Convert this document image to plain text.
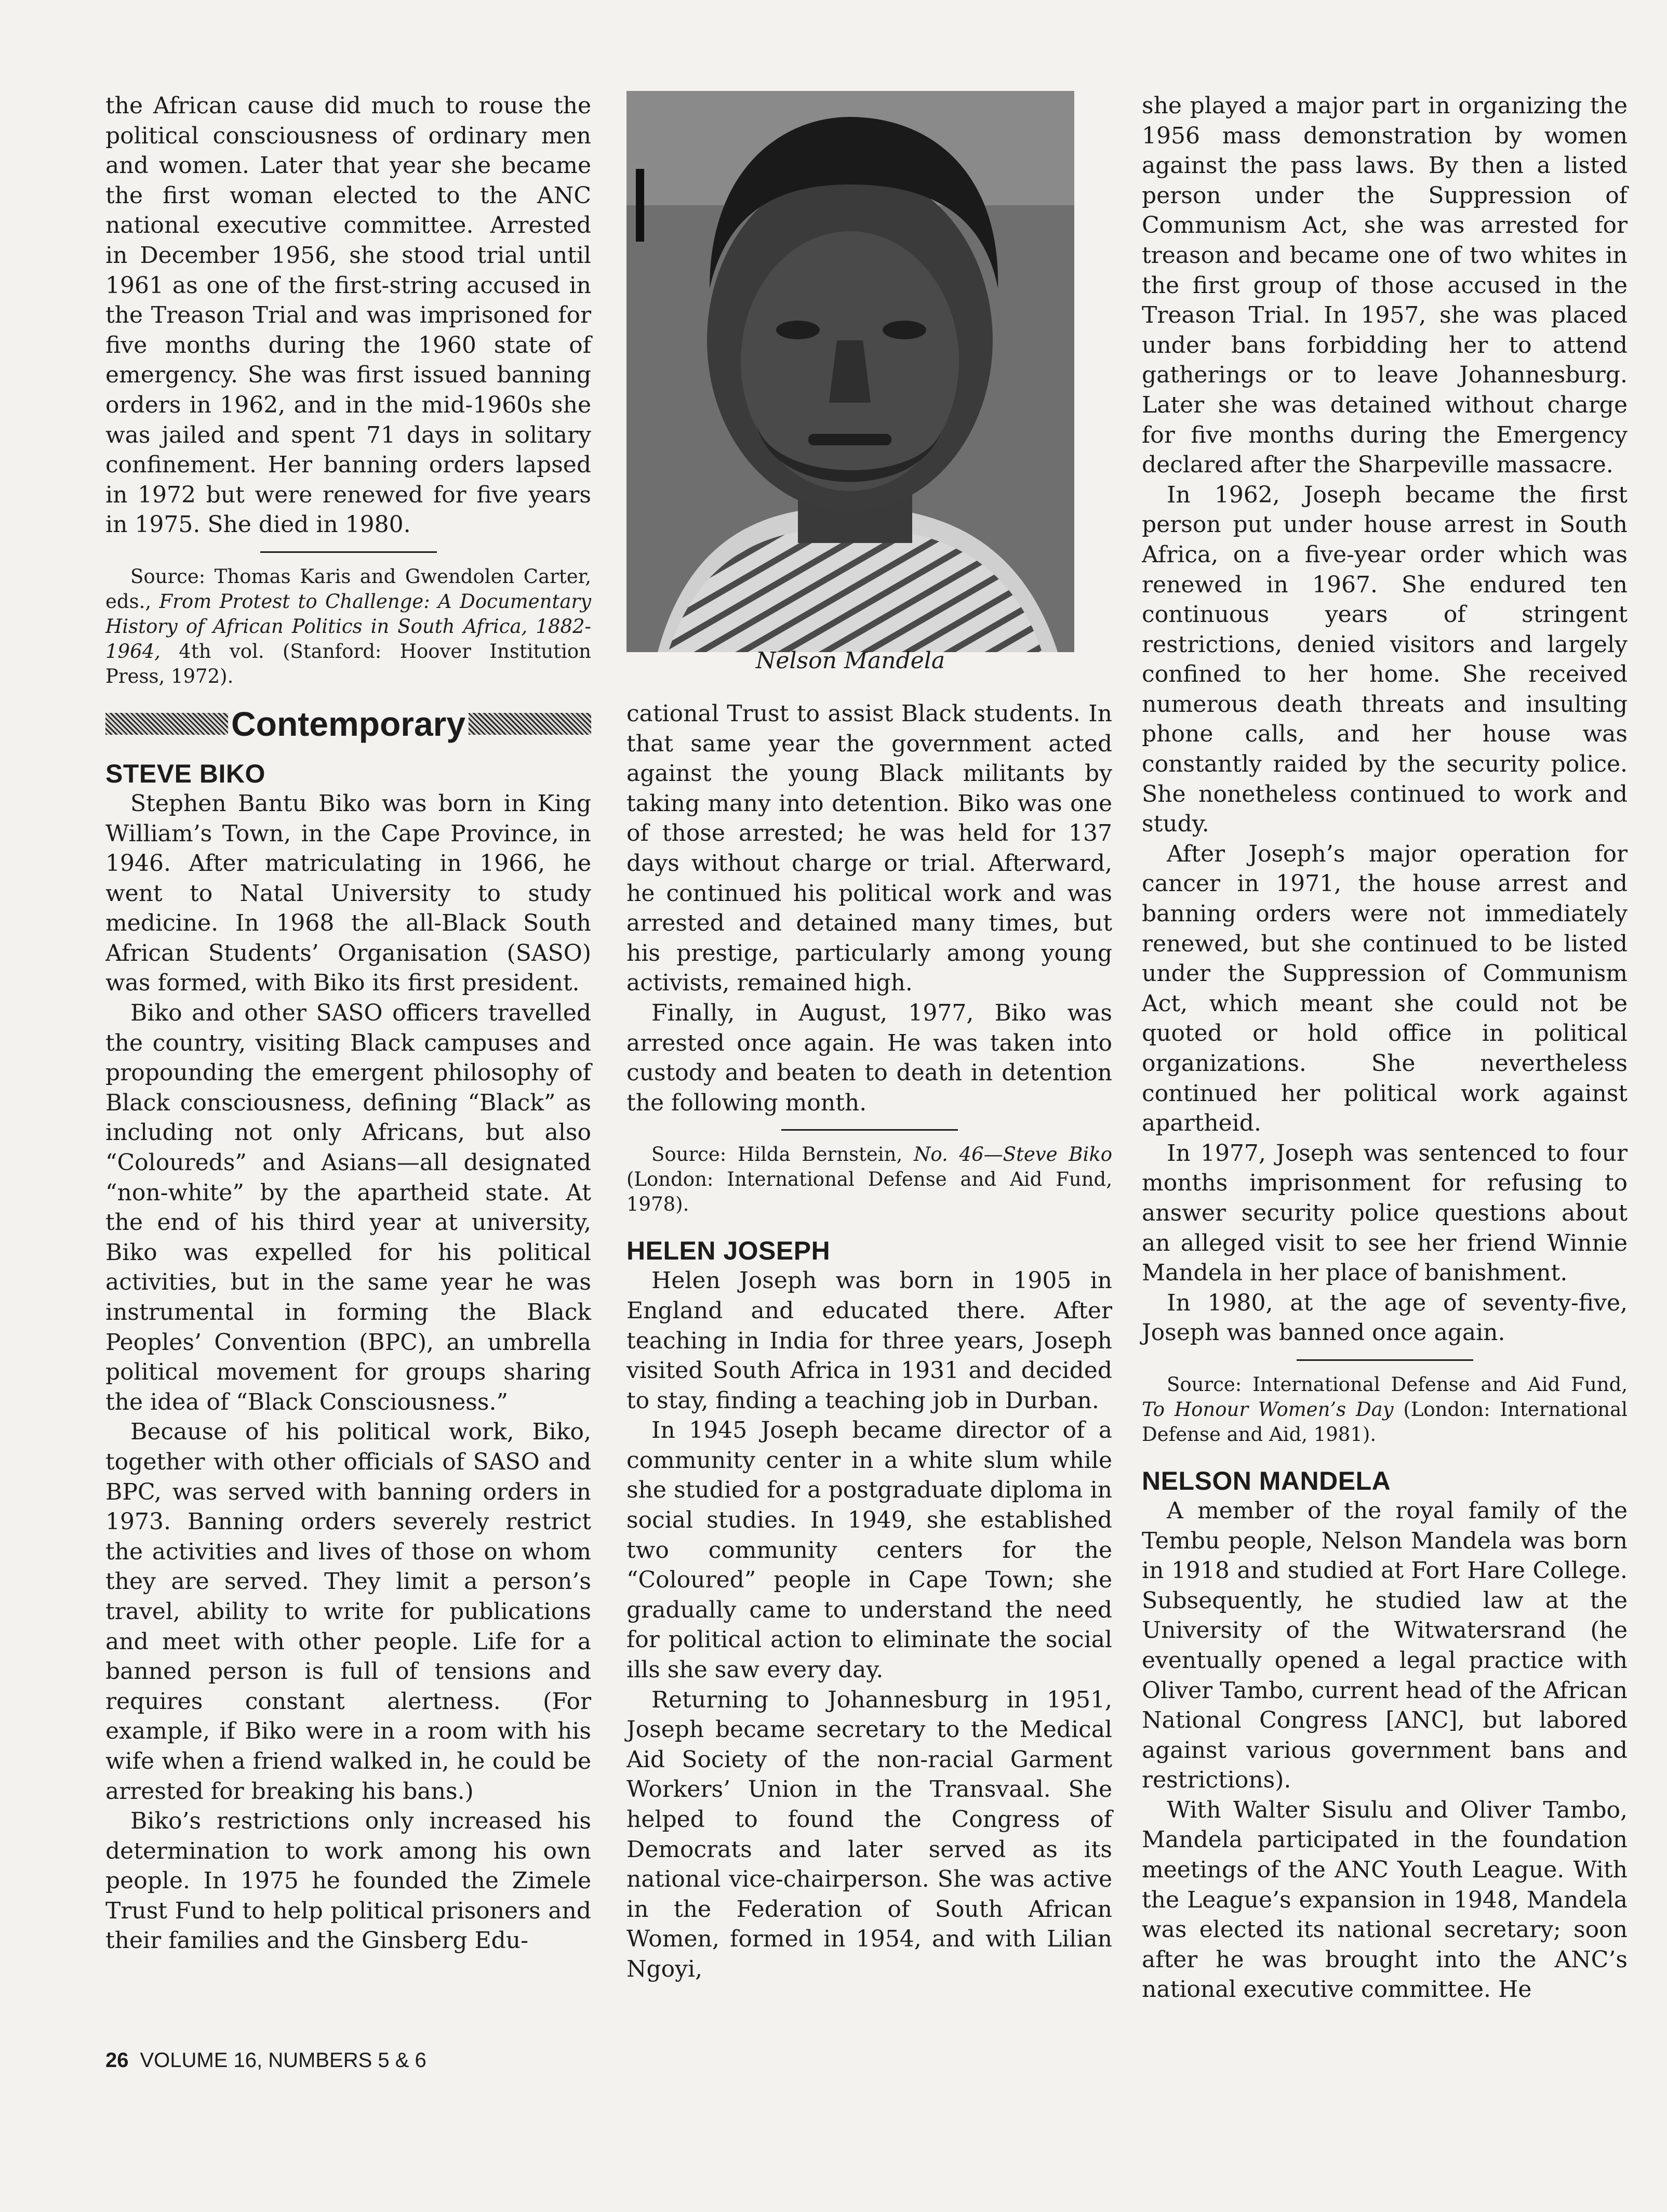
the African cause did much to rouse the political consciousness of ordinary men and women. Later that year she became the first woman elected to the ANC national executive committee. Arrested in December 1956, she stood trial until 1961 as one of the first-string accused in the Treason Trial and was imprisoned for five months during the 1960 state of emergency. She was first issued banning orders in 1962, and in the mid-1960s she was jailed and spent 71 days in solitary confinement. Her banning orders lapsed in 1972 but were renewed for five years in 1975. She died in 1980.

Source: Thomas Karis and Gwendolen Carter, eds., From Protest to Challenge: A Documentary History of African Politics in South Africa, 1882-1964, 4th vol. (Stanford: Hoover Institution Press, 1972).

Contemporary
STEVE BIKO

Stephen Bantu Biko was born in King William’s Town, in the Cape Province, in 1946. After matriculating in 1966, he went to Natal University to study medicine. In 1968 the all-Black South African Students’ Organisation (SASO) was formed, with Biko its first president.

Biko and other SASO officers travelled the country, visiting Black campuses and propounding the emergent philosophy of Black consciousness, defining “Black” as including not only Africans, but also “Coloureds” and Asians—all designated “non-white” by the apartheid state. At the end of his third year at university, Biko was expelled for his political activities, but in the same year he was instrumental in forming the Black Peoples’ Convention (BPC), an umbrella political movement for groups sharing the idea of “Black Consciousness.”

Because of his political work, Biko, together with other officials of SASO and BPC, was served with banning orders in 1973. Banning orders severely restrict the activities and lives of those on whom they are served. They limit a person’s travel, ability to write for publications and meet with other people. Life for a banned person is full of tensions and requires constant alertness. (For example, if Biko were in a room with his wife when a friend walked in, he could be arrested for breaking his bans.)

Biko’s restrictions only increased his determination to work among his own people. In 1975 he founded the Zimele Trust Fund to help political prisoners and their families and the Ginsberg Edu-

Nelson Mandela

cational Trust to assist Black students. In that same year the government acted against the young Black militants by taking many into detention. Biko was one of those arrested; he was held for 137 days without charge or trial. Afterward, he continued his political work and was arrested and detained many times, but his prestige, particularly among young activists, remained high.

Finally, in August, 1977, Biko was arrested once again. He was taken into custody and beaten to death in detention the following month.

Source: Hilda Bernstein, No. 46—Steve Biko (London: International Defense and Aid Fund, 1978).

HELEN JOSEPH

Helen Joseph was born in 1905 in England and educated there. After teaching in India for three years, Joseph visited South Africa in 1931 and decided to stay, finding a teaching job in Durban.

In 1945 Joseph became director of a community center in a white slum while she studied for a postgraduate diploma in social studies. In 1949, she established two community centers for the “Coloured” people in Cape Town; she gradually came to understand the need for political action to eliminate the social ills she saw every day.

Returning to Johannesburg in 1951, Joseph became secretary to the Medical Aid Society of the non-racial Garment Workers’ Union in the Transvaal. She helped to found the Congress of Democrats and later served as its national vice-chairperson. She was active in the Federation of South African Women, formed in 1954, and with Lilian Ngoyi,

she played a major part in organizing the 1956 mass demonstration by women against the pass laws. By then a listed person under the Suppression of Communism Act, she was arrested for treason and became one of two whites in the first group of those accused in the Treason Trial. In 1957, she was placed under bans forbidding her to attend gatherings or to leave Johannesburg. Later she was detained without charge for five months during the Emergency declared after the Sharpeville massacre.

In 1962, Joseph became the first person put under house arrest in South Africa, on a five-year order which was renewed in 1967. She endured ten continuous years of stringent restrictions, denied visitors and largely confined to her home. She received numerous death threats and insulting phone calls, and her house was constantly raided by the security police. She nonetheless continued to work and study.

After Joseph’s major operation for cancer in 1971, the house arrest and banning orders were not immediately renewed, but she continued to be listed under the Suppression of Communism Act, which meant she could not be quoted or hold office in political organizations. She nevertheless continued her political work against apartheid.

In 1977, Joseph was sentenced to four months imprisonment for refusing to answer security police questions about an alleged visit to see her friend Winnie Mandela in her place of banishment.

In 1980, at the age of seventy-five, Joseph was banned once again.

Source: International Defense and Aid Fund, To Honour Women’s Day (London: International Defense and Aid, 1981).

NELSON MANDELA

A member of the royal family of the Tembu people, Nelson Mandela was born in 1918 and studied at Fort Hare College. Subsequently, he studied law at the University of the Witwatersrand (he eventually opened a legal practice with Oliver Tambo, current head of the African National Congress [ANC], but labored against various government bans and restrictions).

With Walter Sisulu and Oliver Tambo, Mandela participated in the foundation meetings of the ANC Youth League. With the League’s expansion in 1948, Mandela was elected its national secretary; soon after he was brought into the ANC’s national executive committee. He

26 VOLUME 16, NUMBERS 5 & 6
